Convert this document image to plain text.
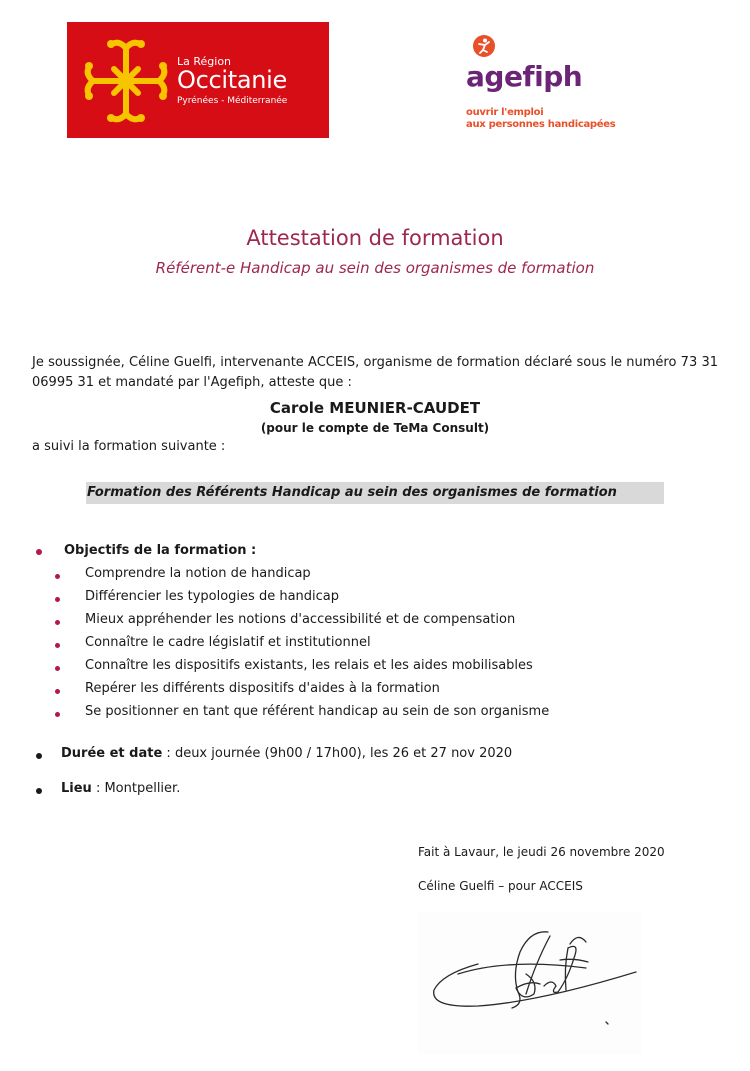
La Région
Occitanie
Pyrénées - Méditerranée
agefiph
ouvrir l'emploi
aux personnes handicapées
Attestation de formation
Référent-e Handicap au sein des organismes de formation
Je soussignée, Céline Guelfi, intervenante ACCEIS, organisme de formation déclaré sous le numéro 73 31 06995 31 et mandaté par l'Agefiph, atteste que :
Carole MEUNIER-CAUDET
(pour le compte de TeMa Consult)
a suivi la formation suivante :
Formation des Référents Handicap au sein des organismes de formation
Objectifs de la formation :
Comprendre la notion de handicap
Différencier les typologies de handicap
Mieux appréhender les notions d'accessibilité et de compensation
Connaître le cadre législatif et institutionnel
Connaître les dispositifs existants, les relais et les aides mobilisables
Repérer les différents dispositifs d'aides à la formation
Se positionner en tant que référent handicap au sein de son organisme
Durée et date : deux journée (9h00 / 17h00), les 26 et 27 nov 2020
Lieu : Montpellier.
Fait à Lavaur, le jeudi 26 novembre 2020
Céline Guelfi – pour ACCEIS
